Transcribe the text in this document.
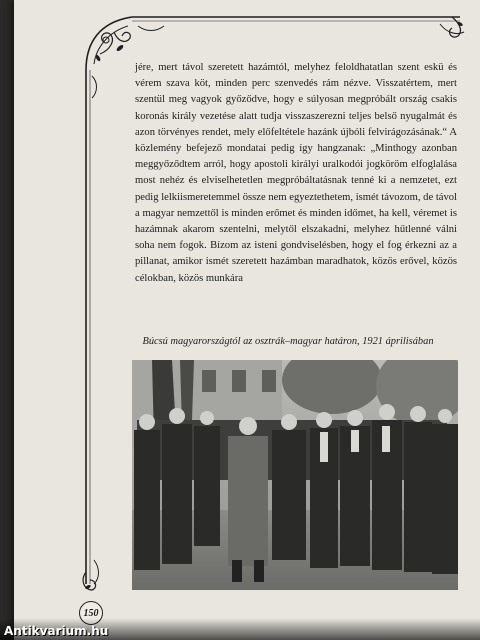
jére, mert távol szeretett hazámtól, melyhez feloldhatatlan szent eskü és vérem szava köt, minden perc szenvedés rám nézve. Visszatértem, mert szentül meg vagyok győződve, hogy e súlyosan megpróbált ország csakis koronás király vezetése alatt tudja visszaszerezni teljes belső nyugalmát és azon törvényes rendet, mely előfeltétele hazánk újbóli felvirágozásának.“ A közlemény befejező mondatai pedig így hangzanak: „Minthogy azonban meggyőződtem arról, hogy apostoli királyi uralkodói jogköröm elfoglalása most nehéz és elviselhetetlen megpróbáltatásnak tenné ki a nemzetet, ezt pedig lelkiismeretemmel össze nem egyeztethetem, ismét távozom, de távol a magyar nemzettől is minden erőmet és minden időmet, ha kell, véremet is hazámnak akarom szentelni, melytől elszakadni, melyhez hűtlenné válni soha nem fogok. Bízom az isteni gondviselésben, hogy el fog érkezni az a pillanat, amikor ismét szeretett hazámban maradhatok, közös erővel, közös célokban, közös munkára

Búcsú magyarországtól az osztrák–magyar határon, 1921 áprilisában
150
Antikvarium.hu
